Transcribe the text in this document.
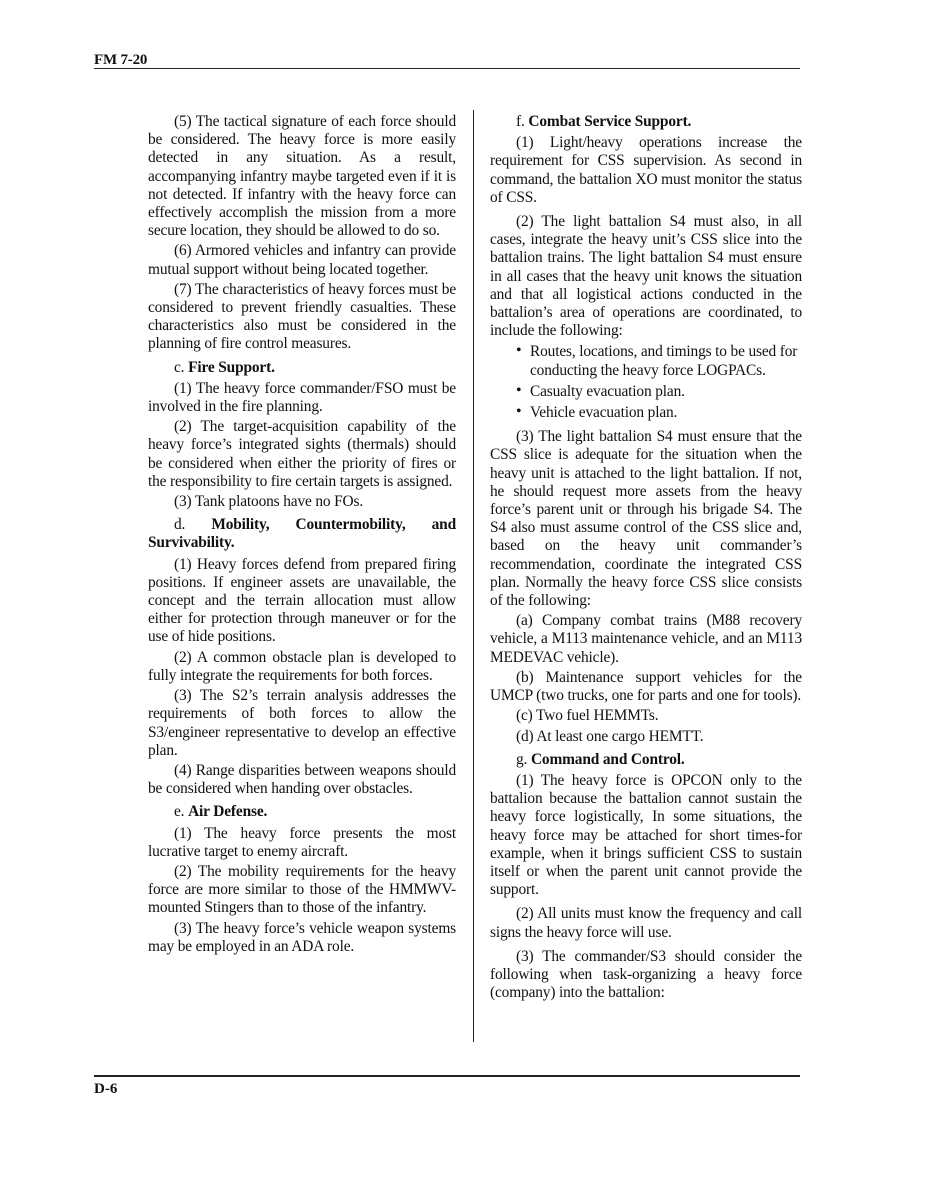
FM 7-20

(5) The tactical signature of each force should be considered. The heavy force is more easily detected in any situation. As a result, accompanying infantry maybe targeted even if it is not detected. If infantry with the heavy force can effectively accomplish the mission from a more secure location, they should be allowed to do so.

(6) Armored vehicles and infantry can provide mutual support without being located together.

(7) The characteristics of heavy forces must be considered to prevent friendly casualties. These characteristics also must be considered in the planning of fire control measures.

c. Fire Support.

(1) The heavy force commander/FSO must be involved in the fire planning.

(2) The target-acquisition capability of the heavy force’s integrated sights (thermals) should be considered when either the priority of fires or the responsibility to fire certain targets is assigned.

(3) Tank platoons have no FOs.

d. Mobility, Countermobility, and Survivability.

(1) Heavy forces defend from prepared firing positions. If engineer assets are unavailable, the concept and the terrain allocation must allow either for protection through maneuver or for the use of hide positions.

(2) A common obstacle plan is developed to fully integrate the requirements for both forces.

(3) The S2’s terrain analysis addresses the requirements of both forces to allow the S3/engineer representative to develop an effective plan.

(4) Range disparities between weapons should be considered when handing over obstacles.

e. Air Defense.

(1) The heavy force presents the most lucrative target to enemy aircraft.

(2) The mobility requirements for the heavy force are more similar to those of the HMMWV-mounted Stingers than to those of the infantry.

(3) The heavy force’s vehicle weapon systems may be employed in an ADA role.

f. Combat Service Support.

(1) Light/heavy operations increase the requirement for CSS supervision. As second in command, the battalion XO must monitor the status of CSS.

(2) The light battalion S4 must also, in all cases, integrate the heavy unit’s CSS slice into the battalion trains. The light battalion S4 must ensure in all cases that the heavy unit knows the situation and that all logistical actions conducted in the battalion’s area of operations are coordinated, to include the following:

• Routes, locations, and timings to be used for conducting the heavy force LOGPACs.
• Casualty evacuation plan.
• Vehicle evacuation plan.

(3) The light battalion S4 must ensure that the CSS slice is adequate for the situation when the heavy unit is attached to the light battalion. If not, he should request more assets from the heavy force’s parent unit or through his brigade S4. The S4 also must assume control of the CSS slice and, based on the heavy unit commander’s recommendation, coordinate the integrated CSS plan. Normally the heavy force CSS slice consists of the following:

(a) Company combat trains (M88 recovery vehicle, a M113 maintenance vehicle, and an M113 MEDEVAC vehicle).

(b) Maintenance support vehicles for the UMCP (two trucks, one for parts and one for tools).

(c) Two fuel HEMMTs.

(d) At least one cargo HEMTT.

g. Command and Control.

(1) The heavy force is OPCON only to the battalion because the battalion cannot sustain the heavy force logistically, In some situations, the heavy force may be attached for short times-for example, when it brings sufficient CSS to sustain itself or when the parent unit cannot provide the support.

(2) All units must know the frequency and call signs the heavy force will use.

(3) The commander/S3 should consider the following when task-organizing a heavy force (company) into the battalion:

D-6
